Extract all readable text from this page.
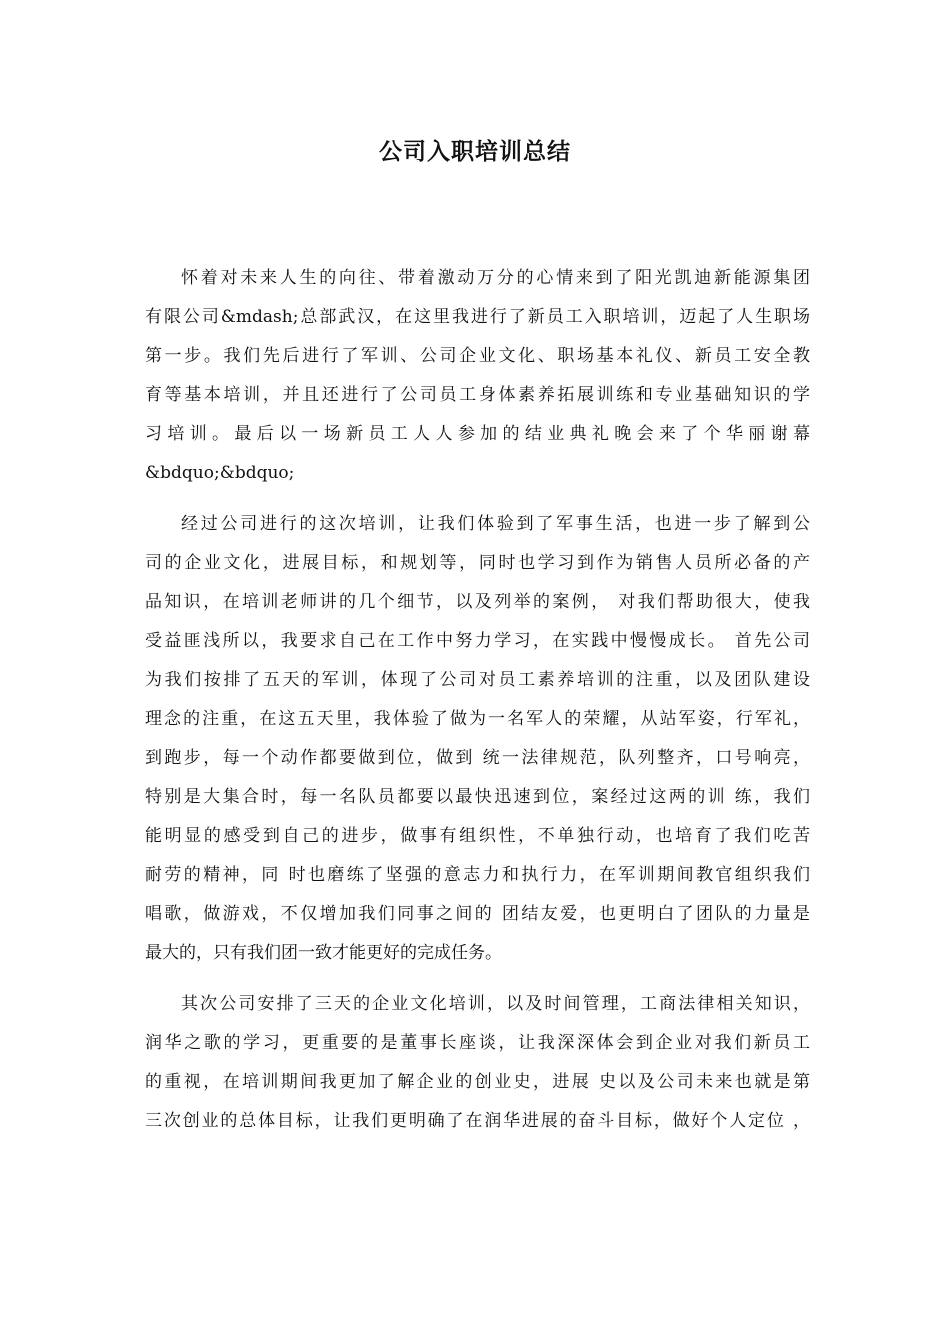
公司入职培训总结
怀着对未来人生的向往、带着激动万分的心情来到了阳光凯迪新能源集团
有限公司&mdash;总部武汉，在这里我进行了新员工入职培训，迈起了人生职场
第一步。我们先后进行了军训、公司企业文化、职场基本礼仪、新员工安全教
育等基本培训，并且还进行了公司员工身体素养拓展训练和专业基础知识的学
习培训。最后以一场新员工人人参加的结业典礼晚会来了个华丽谢幕
&bdquo;&bdquo;
经过公司进行的这次培训，让我们体验到了军事生活，也进一步了解到公
司的企业文化，进展目标，和规划等，同时也学习到作为销售人员所必备的产
品知识，在培训老师讲的几个细节，以及列举的案例， 对我们帮助很大，使我
受益匪浅所以，我要求自己在工作中努力学习，在实践中慢慢成长。 首先公司
为我们按排了五天的军训，体现了公司对员工素养培训的注重，以及团队建设
理念的注重，在这五天里，我体验了做为一名军人的荣耀，从站军姿，行军礼，
到跑步，每一个动作都要做到位，做到 统一法律规范，队列整齐，口号响亮，
特别是大集合时，每一名队员都要以最快迅速到位，案经过这两的训 练，我们
能明显的感受到自己的进步，做事有组织性，不单独行动，也培育了我们吃苦
耐劳的精神，同 时也磨练了坚强的意志力和执行力，在军训期间教官组织我们
唱歌，做游戏，不仅增加我们同事之间的 团结友爱，也更明白了团队的力量是
最大的，只有我们团一致才能更好的完成任务。
其次公司安排了三天的企业文化培训，以及时间管理，工商法律相关知识，
润华之歌的学习，更重要的是董事长座谈，让我深深体会到企业对我们新员工
的重视，在培训期间我更加了解企业的创业史，进展 史以及公司未来也就是第
三次创业的总体目标，让我们更明确了在润华进展的奋斗目标，做好个人定位 ，
